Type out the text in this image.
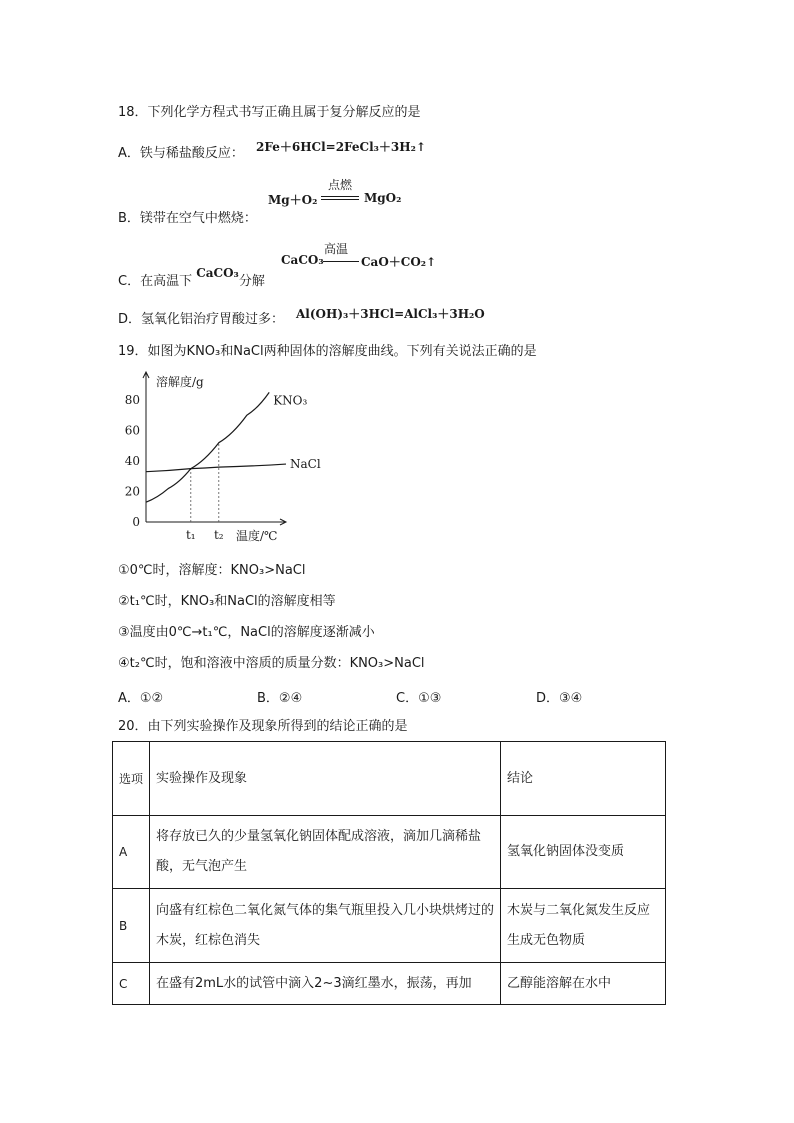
18．下列化学方程式书写正确且属于复分解反应的是
A．铁与稀盐酸反应： 2Fe＋6HCl=2FeCl₃＋3H₂↑
点燃
Mg＋O₂	MgO₂
B．镁带在空气中燃烧：
高温
CaCO₃	CaO＋CO₂↑
C．在高温下 CaCO₃分解
D．氢氧化铝治疗胃酸过多： Al(OH)₃＋3HCl=AlCl₃＋3H₂O
19．如图为KNO₃和NaCl两种固体的溶解度曲线。下列有关说法正确的是
溶解度/g
温度/℃
0
20
40
60
80
t₁ t₂
KNO₃
NaCl
①0℃时，溶解度：KNO₃>NaCl
②t₁℃时，KNO₃和NaCl的溶解度相等
③温度由0℃→t₁℃，NaCl的溶解度逐渐减小
④t₂℃时，饱和溶液中溶质的质量分数：KNO₃>NaCl
A．①②	B．②④	C．①③	D．③④
20．由下列实验操作及现象所得到的结论正确的是
选项	实验操作及现象	结论
A	将存放已久的少量氢氧化钠固体配成溶液，滴加几滴稀盐酸，无气泡产生	氢氧化钠固体没变质
B	向盛有红棕色二氧化氮气体的集气瓶里投入几小块烘烤过的木炭，红棕色消失	木炭与二氧化氮发生反应生成无色物质
C	在盛有2mL水的试管中滴入2~3滴红墨水，振荡，再加	乙醇能溶解在水中
